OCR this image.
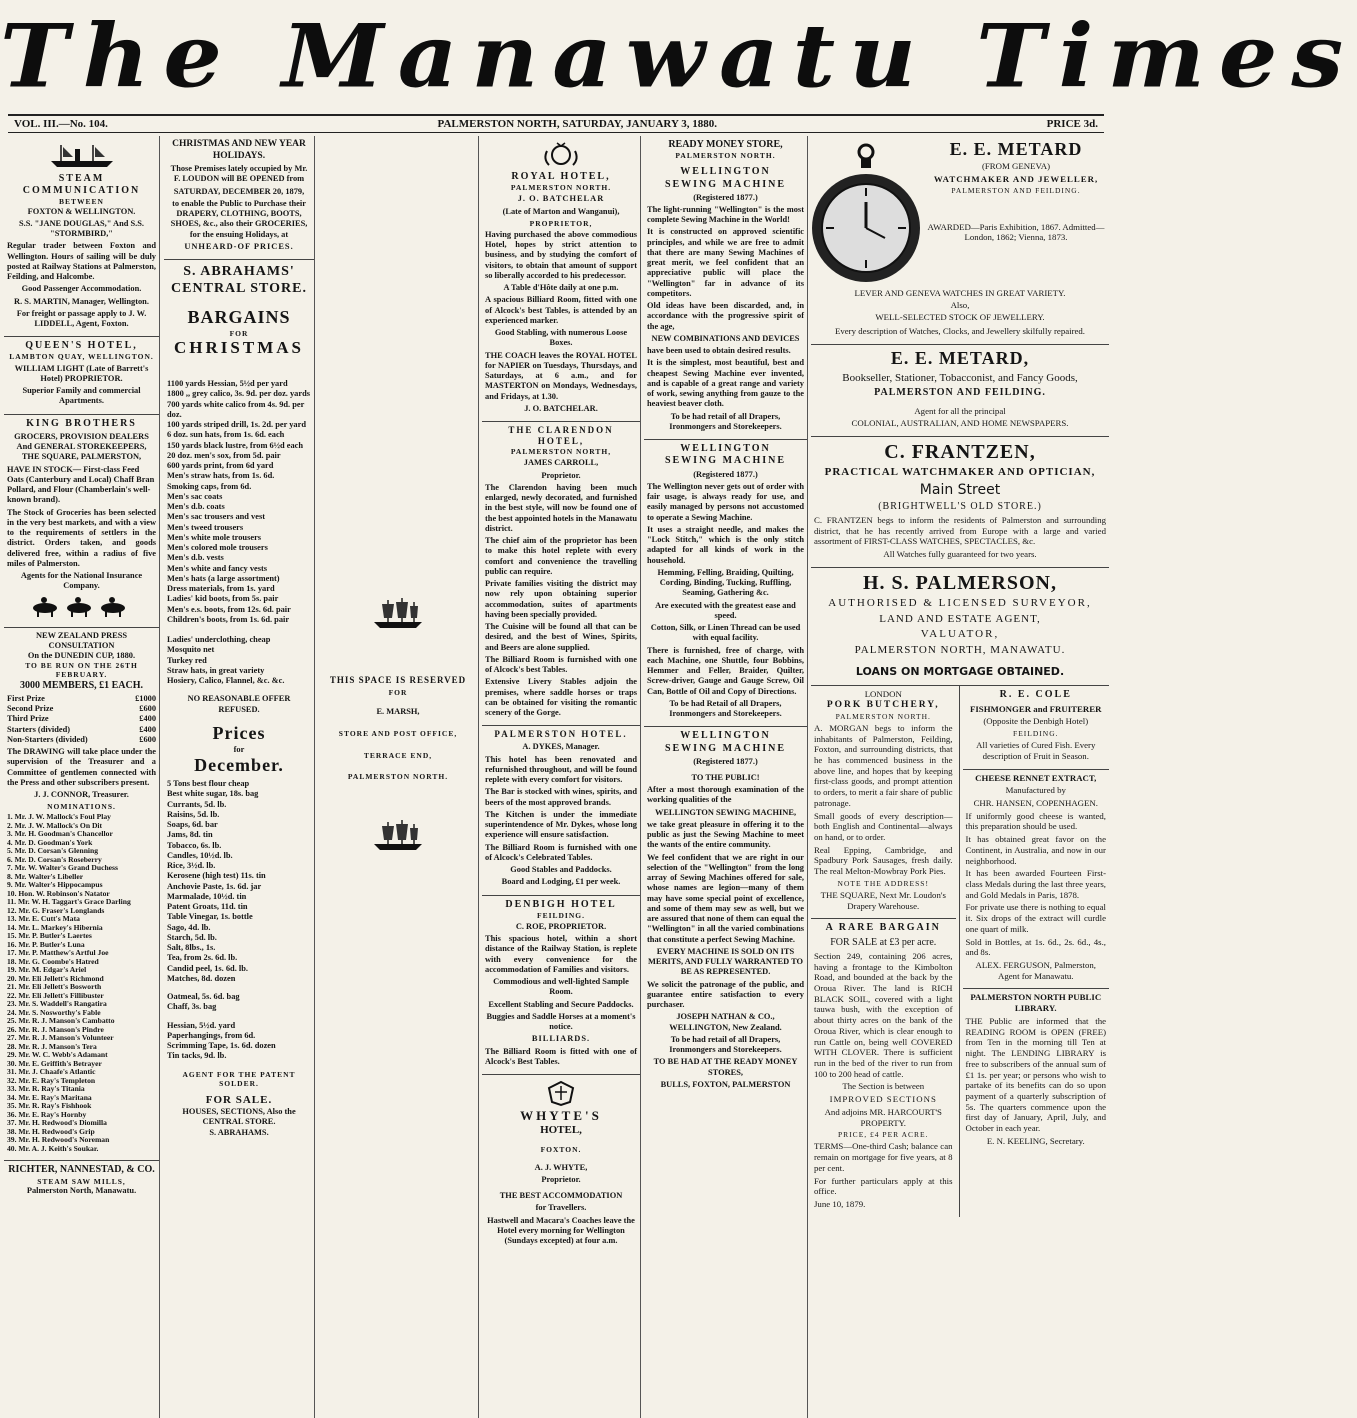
The Manawatu Times
VOL. III.—No. 104.	PALMERSTON NORTH, SATURDAY, JANUARY 3, 1880.	PRICE 3d.
STEAM COMMUNICATION
BETWEEN
FOXTON & WELLINGTON.

S.S. "JANE DOUGLAS," And S.S. "STORMBIRD,"

Regular trader between Foxton and Wellington. Hours of sailing will be duly posted at Railway Stations at Palmerston, Feilding, and Halcombe.

Good Passenger Accommodation.

R. S. MARTIN, Manager, Wellington.

For freight or passage apply to J. W. LIDDELL, Agent, Foxton.

QUEEN'S HOTEL,
LAMBTON QUAY, WELLINGTON.

WILLIAM LIGHT (Late of Barrett's Hotel) PROPRIETOR.

Superior Family and commercial Apartments.

KING BROTHERS

GROCERS, PROVISION DEALERS And GENERAL STOREKEEPERS, THE SQUARE, PALMERSTON,

HAVE IN STOCK— First-class Feed Oats (Canterbury and Local) Chaff Bran Pollard, and Flour (Chamberlain's well-known brand).

The Stock of Groceries has been selected in the very best markets, and with a view to the requirements of settlers in the district. Orders taken, and goods delivered free, within a radius of five miles of Palmerston.

Agents for the National Insurance Company.

NEW ZEALAND PRESS CONSULTATION
On the DUNEDIN CUP, 1880.
TO BE RUN ON THE 26TH FEBRUARY.
3000 MEMBERS, £1 EACH.
First Prize	£1000
Second Prize	£600
Third Prize	£400
Starters (divided)	£400
Non-Starters (divided)	£600

The DRAWING will take place under the supervision of the Treasurer and a Committee of gentlemen connected with the Press and other subscribers present.

J. J. CONNOR, Treasurer.

NOMINATIONS.
1. Mr. J. W. Mallock's Foul Play
2. Mr. J. W. Mallock's On Dit
3. Mr. H. Goodman's Chancellor
4. Mr. D. Goodman's York
5. Mr. D. Corsan's Glenning
6. Mr. D. Corsan's Roseberry
7. Mr. W. Walter's Grand Duchess
8. Mr. Walter's Libeller
9. Mr. Walter's Hippocampus
10. Hon. W. Robinson's Natator
11. Mr. W. H. Taggart's Grace Darling
12. Mr. G. Fraser's Longlands
13. Mr. E. Cutt's Mata
14. Mr. L. Markey's Hibernia
15. Mr. P. Butler's Laertes
16. Mr. P. Butler's Luna
17. Mr. P. Matthew's Artful Joe
18. Mr. G. Coombe's Hatred
19. Mr. M. Edgar's Ariel
20. Mr. Eli Jellett's Richmond
21. Mr. Eli Jellett's Bosworth
22. Mr. Eli Jellett's Fillibuster
23. Mr. S. Waddell's Rangatira
24. Mr. S. Nosworthy's Fable
25. Mr. R. J. Manson's Cambatto
26. Mr. R. J. Manson's Pindre
27. Mr. R. J. Manson's Volunteer
28. Mr. R. J. Manson's Tera
29. Mr. W. C. Webb's Adamant
30. Mr. E. Griffith's Betrayer
31. Mr. J. Chaafe's Atlantic
32. Mr. E. Ray's Templeton
33. Mr. R. Ray's Titania
34. Mr. E. Ray's Maritana
35. Mr. R. Ray's Fishhook
36. Mr. E. Ray's Hornby
37. Mr. H. Redwood's Diomilla
38. Mr. H. Redwood's Grip
39. Mr. H. Redwood's Noreman
40. Mr. A. J. Keith's Soukar.
RICHTER, NANNESTAD, & CO.
STEAM SAW MILLS,
Palmerston North, Manawatu.
CHRISTMAS AND NEW YEAR HOLIDAYS.

Those Premises lately occupied by Mr. F. LOUDON will BE OPENED from

SATURDAY, DECEMBER 20, 1879,

to enable the Public to Purchase their DRAPERY, CLOTHING, BOOTS, SHOES, &c., also their GROCERIES, for the ensuing Holidays, at

UNHEARD-OF PRICES.

S. ABRAHAMS' CENTRAL STORE.
BARGAINS
FOR
CHRISTMAS
1100 yards Hessian, 5½d per yard
1800 ,, grey calico, 3s. 9d. per doz. yards
700 yards white calico from 4s. 9d. per doz.
100 yards striped drill, 1s. 2d. per yard
6 doz. sun hats, from 1s. 6d. each
150 yards black lustre, from 6½d each
20 doz. men's sox, from 5d. pair
600 yards print, from 6d yard
Men's straw hats, from 1s. 6d.
Smoking caps, from 6d.
Men's sac coats
Men's d.b. coats
Men's sac trousers and vest
Men's tweed trousers
Men's white mole trousers
Men's colored mole trousers
Men's d.b. vests
Men's white and fancy vests
Men's hats (a large assortment)
Dress materials, from 1s. yard
Ladies' kid boots, from 5s. pair
Men's e.s. boots, from 12s. 6d. pair
Children's boots, from 1s. 6d. pair
Ladies' underclothing, cheap
Mosquito net
Turkey red
Straw hats, in great variety
Hosiery, Calico, Flannel, &c. &c.

NO REASONABLE OFFER REFUSED.

Prices
for
December.
5 Tons best flour cheap
Best white sugar, 18s. bag
Currants, 5d. lb.
Raisins, 5d. lb.
Soaps, 6d. bar
Jams, 8d. tin
Tobacco, 6s. lb.
Candles, 10½d. lb.
Rice, 3½d. lb.
Kerosene (high test) 11s. tin
Anchovie Paste, 1s. 6d. jar
Marmalade, 10½d. tin
Patent Groats, 11d. tin
Table Vinegar, 1s. bottle
Sago, 4d. lb.
Starch, 5d. lb.
Salt, 8lbs., 1s.
Tea, from 2s. 6d. lb.
Candid peel, 1s. 6d. lb.
Matches, 8d. dozen
Oatmeal, 5s. 6d. bag
Chaff, 3s. bag
Hessian, 5½d. yard
Paperhangings, from 6d.
Scrimming Tape, 1s. 6d. dozen
Tin tacks, 9d. lb.

AGENT FOR THE PATENT SOLDER.

FOR SALE.
HOUSES, SECTIONS, Also the CENTRAL STORE.
S. ABRAHAMS.
THIS SPACE IS RESERVED

FOR

E. MARSH,

STORE AND POST OFFICE,

TERRACE END,

PALMERSTON NORTH.

ROYAL HOTEL,
PALMERSTON NORTH.

J. O. BATCHELAR

(Late of Marton and Wanganui),

PROPRIETOR,

Having purchased the above commodious Hotel, hopes by strict attention to business, and by studying the comfort of visitors, to obtain that amount of support so liberally accorded to his predecessor.

A Table d'Hôte daily at one p.m.

A spacious Billiard Room, fitted with one of Alcock's best Tables, is attended by an experienced marker.

Good Stabling, with numerous Loose Boxes.

THE COACH leaves the ROYAL HOTEL for NAPIER on Tuesdays, Thursdays, and Saturdays, at 6 a.m., and for MASTERTON on Mondays, Wednesdays, and Fridays, at 1.30.

J. O. BATCHELAR.

THE CLARENDON HOTEL,
PALMERSTON NORTH,

JAMES CARROLL,

Proprietor.

The Clarendon having been much enlarged, newly decorated, and furnished in the best style, will now be found one of the best appointed hotels in the Manawatu district.

The chief aim of the proprietor has been to make this hotel replete with every comfort and convenience the travelling public can require.

Private families visiting the district may now rely upon obtaining superior accommodation, suites of apartments having been specially provided.

The Cuisine will be found all that can be desired, and the best of Wines, Spirits, and Beers are alone supplied.

The Billiard Room is furnished with one of Alcock's best Tables.

Extensive Livery Stables adjoin the premises, where saddle horses or traps can be obtained for visiting the romantic scenery of the Gorge.

PALMERSTON HOTEL.

A. DYKES, Manager.

This hotel has been renovated and refurnished throughout, and will be found replete with every comfort for visitors.

The Bar is stocked with wines, spirits, and beers of the most approved brands.

The Kitchen is under the immediate superintendence of Mr. Dykes, whose long experience will ensure satisfaction.

The Billiard Room is furnished with one of Alcock's Celebrated Tables.

Good Stables and Paddocks.

Board and Lodging, £1 per week.

DENBIGH HOTEL
FEILDING.

C. ROE, PROPRIETOR.

This spacious hotel, within a short distance of the Railway Station, is replete with every convenience for the accommodation of Families and visitors.

Commodious and well-lighted Sample Room.

Excellent Stabling and Secure Paddocks.

Buggies and Saddle Horses at a moment's notice.

BILLIARDS.

The Billiard Room is fitted with one of Alcock's Best Tables.

WHYTE'S
HOTEL,

FOXTON.

A. J. WHYTE,

Proprietor.

THE BEST ACCOMMODATION

for Travellers.

Hastwell and Macara's Coaches leave the Hotel every morning for Wellington (Sundays excepted) at four a.m.

READY MONEY STORE,
PALMERSTON NORTH.
WELLINGTON
SEWING MACHINE

(Registered 1877.)

The light-running "Wellington" is the most complete Sewing Machine in the World!

It is constructed on approved scientific principles, and while we are free to admit that there are many Sewing Machines of great merit, we feel confident that an appreciative public will place the "Wellington" far in advance of its competitors.

Old ideas have been discarded, and, in accordance with the progressive spirit of the age,

NEW COMBINATIONS AND DEVICES

have been used to obtain desired results.

It is the simplest, most beautiful, best and cheapest Sewing Machine ever invented, and is capable of a great range and variety of work, sewing anything from gauze to the heaviest beaver cloth.

To be had retail of all Drapers, Ironmongers and Storekeepers.

WELLINGTON
SEWING MACHINE

(Registered 1877.)

The Wellington never gets out of order with fair usage, is always ready for use, and easily managed by persons not accustomed to operate a Sewing Machine.

It uses a straight needle, and makes the "Lock Stitch," which is the only stitch adapted for all kinds of work in the household.

Hemming, Felling, Braiding, Quilting, Cording, Binding, Tucking, Ruffling, Seaming, Gathering &c.

Are executed with the greatest ease and speed.

Cotton, Silk, or Linen Thread can be used with equal facility.

There is furnished, free of charge, with each Machine, one Shuttle, four Bobbins, Hemmer and Feller, Braider, Quilter, Screw-driver, Gauge and Gauge Screw, Oil Can, Bottle of Oil and Copy of Directions.

To be had Retail of all Drapers, Ironmongers and Storekeepers.

WELLINGTON
SEWING MACHINE

(Registered 1877.)

TO THE PUBLIC!

After a most thorough examination of the working qualities of the

WELLINGTON SEWING MACHINE,

we take great pleasure in offering it to the public as just the Sewing Machine to meet the wants of the entire community.

We feel confident that we are right in our selection of the "Wellington" from the long array of Sewing Machines offered for sale, whose names are legion—many of them may have some special point of excellence, and some of them may sew as well, but we are assured that none of them can equal the "Wellington" in all the varied combinations that constitute a perfect Sewing Machine.

EVERY MACHINE IS SOLD ON ITS MERITS, AND FULLY WARRANTED TO BE AS REPRESENTED.

We solicit the patronage of the public, and guarantee entire satisfaction to every purchaser.

JOSEPH NATHAN & CO., WELLINGTON, New Zealand.

To be had retail of all Drapers, Ironmongers and Storekeepers.

TO BE HAD AT THE READY MONEY STORES,

BULLS, FOXTON, PALMERSTON

E. E. METARD
(FROM GENEVA)

WATCHMAKER AND JEWELLER,

PALMERSTON AND FEILDING.

AWARDED—Paris Exhibition, 1867. Admitted—London, 1862; Vienna, 1873.

LEVER AND GENEVA WATCHES IN GREAT VARIETY.

Also,

WELL-SELECTED STOCK OF JEWELLERY.

Every description of Watches, Clocks, and Jewellery skilfully repaired.

E. E. METARD,

Bookseller, Stationer, Tobacconist, and Fancy Goods,

PALMERSTON AND FEILDING.

Agent for all the principal

COLONIAL, AUSTRALIAN, AND HOME NEWSPAPERS.

C. FRANTZEN,

PRACTICAL WATCHMAKER AND OPTICIAN,

Main Street

(BRIGHTWELL'S OLD STORE.)

C. FRANTZEN begs to inform the residents of Palmerston and surrounding district, that he has recently arrived from Europe with a large and varied assortment of FIRST-CLASS WATCHES, SPECTACLES, &c.

All Watches fully guaranteed for two years.

H. S. PALMERSON,

AUTHORISED & LICENSED SURVEYOR,

LAND AND ESTATE AGENT,

VALUATOR,

PALMERSTON NORTH, MANAWATU.

LOANS ON MORTGAGE OBTAINED.

LONDON
PORK BUTCHERY,
PALMERSTON NORTH.

A. MORGAN begs to inform the inhabitants of Palmerston, Feilding, Foxton, and surrounding districts, that he has commenced business in the above line, and hopes that by keeping first-class goods, and prompt attention to orders, to merit a fair share of public patronage.

Small goods of every description—both English and Continental—always on hand, or to order.

Real Epping, Cambridge, and Spadbury Pork Sausages, fresh daily. The real Melton-Mowbray Pork Pies.

NOTE THE ADDRESS!

THE SQUARE, Next Mr. Loudon's Drapery Warehouse.

A RARE BARGAIN

FOR SALE at £3 per acre.

Section 249, containing 206 acres, having a frontage to the Kimbolton Road, and bounded at the back by the Oroua River. The land is RICH BLACK SOIL, covered with a light tauwa bush, with the exception of about thirty acres on the bank of the Oroua River, which is clear enough to run Cattle on, being well COVERED WITH CLOVER. There is sufficient run in the bed of the river to run from 100 to 200 head of cattle.

The Section is between

IMPROVED SECTIONS

And adjoins MR. HARCOURT'S PROPERTY.

PRICE, £4 PER ACRE.

TERMS—One-third Cash; balance can remain on mortgage for five years, at 8 per cent.

For further particulars apply at this office.

June 10, 1879.

R. E. COLE

FISHMONGER and FRUITERER

(Opposite the Denbigh Hotel)

FEILDING.

All varieties of Cured Fish. Every description of Fruit in Season.

CHEESE RENNET EXTRACT,

Manufactured by

CHR. HANSEN, COPENHAGEN.

If uniformly good cheese is wanted, this preparation should be used.

It has obtained great favor on the Continent, in Australia, and now in our neighborhood.

It has been awarded Fourteen First-class Medals during the last three years, and Gold Medals in Paris, 1878.

For private use there is nothing to equal it. Six drops of the extract will curdle one quart of milk.

Sold in Bottles, at 1s. 6d., 2s. 6d., 4s., and 8s.

ALEX. FERGUSON, Palmerston, Agent for Manawatu.

PALMERSTON NORTH PUBLIC LIBRARY.

THE Public are informed that the READING ROOM is OPEN (FREE) from Ten in the morning till Ten at night. The LENDING LIBRARY is free to subscribers of the annual sum of £1 1s. per year; or persons who wish to partake of its benefits can do so upon payment of a quarterly subscription of 5s. The quarters commence upon the first day of January, April, July, and October in each year.

E. N. KEELING, Secretary.
